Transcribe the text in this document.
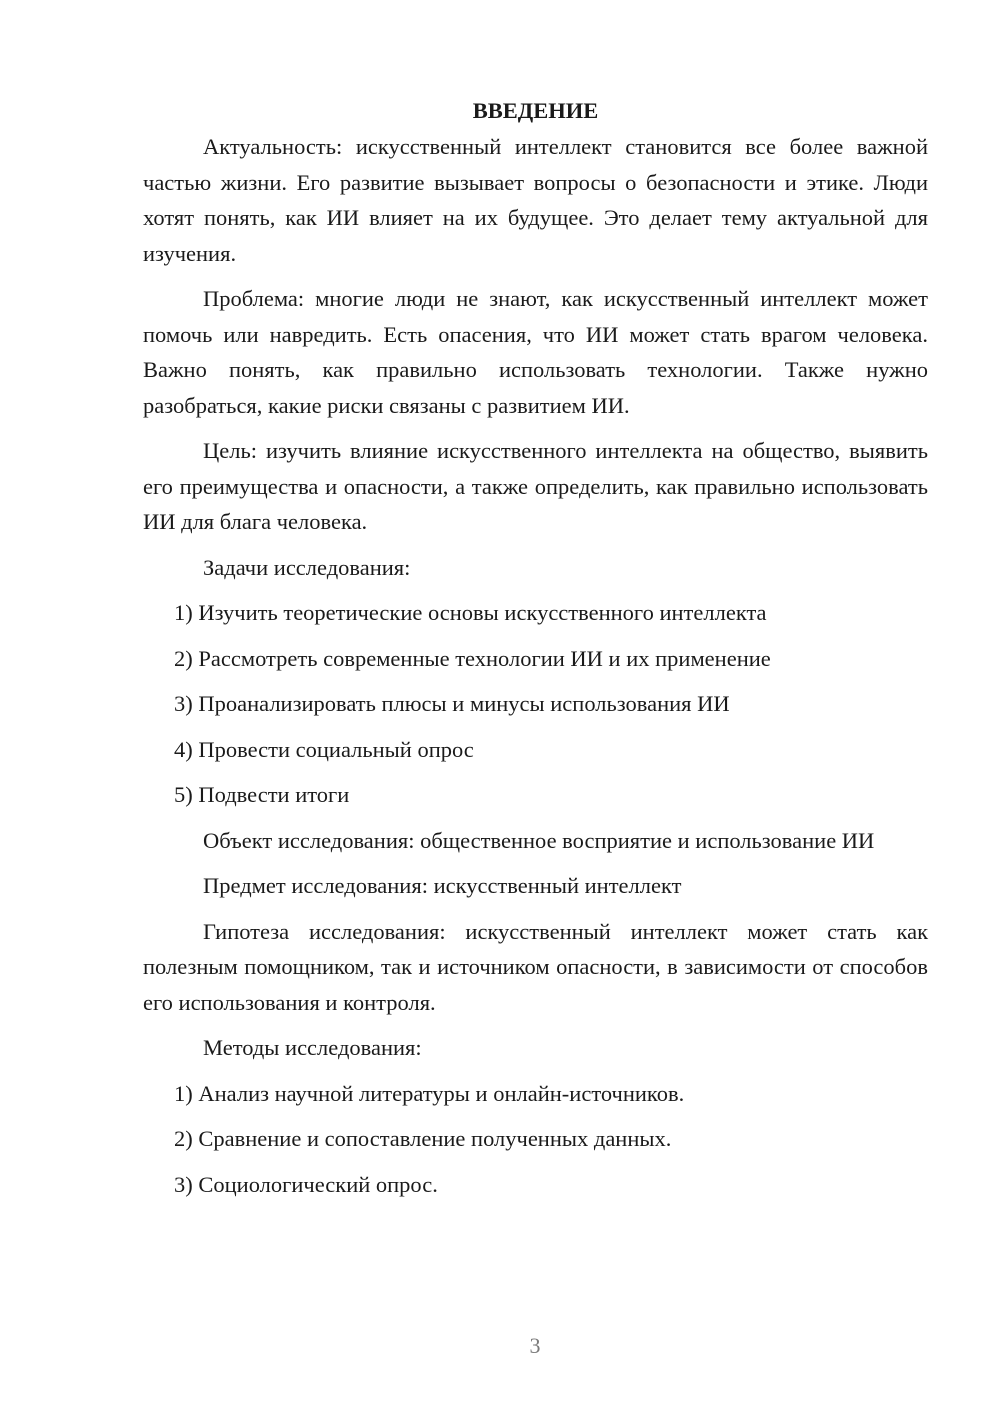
ВВЕДЕНИЕ

Актуальность: искусственный интеллект становится все более важной частью жизни. Его развитие вызывает вопросы о безопасности и этике. Люди хотят понять, как ИИ влияет на их будущее. Это делает тему актуальной для изучения.

Проблема: многие люди не знают, как искусственный интеллект может помочь или навредить. Есть опасения, что ИИ может стать врагом человека. Важно понять, как правильно использовать технологии. Также нужно разобраться, какие риски связаны с развитием ИИ.

Цель: изучить влияние искусственного интеллекта на общество, выявить его преимущества и опасности, а также определить, как правильно использовать ИИ для блага человека.

Задачи исследования:

1) Изучить теоретические основы искусственного интеллекта

2) Рассмотреть современные технологии ИИ и их применение

3) Проанализировать плюсы и минусы использования ИИ

4) Провести социальный опрос

5) Подвести итоги

Объект исследования: общественное восприятие и использование ИИ

Предмет исследования: искусственный интеллект

Гипотеза исследования: искусственный интеллект может стать как полезным помощником, так и источником опасности, в зависимости от способов его использования и контроля.

Методы исследования:

1) Анализ научной литературы и онлайн-источников.

2) Сравнение и сопоставление полученных данных.

3) Социологический опрос.

3
